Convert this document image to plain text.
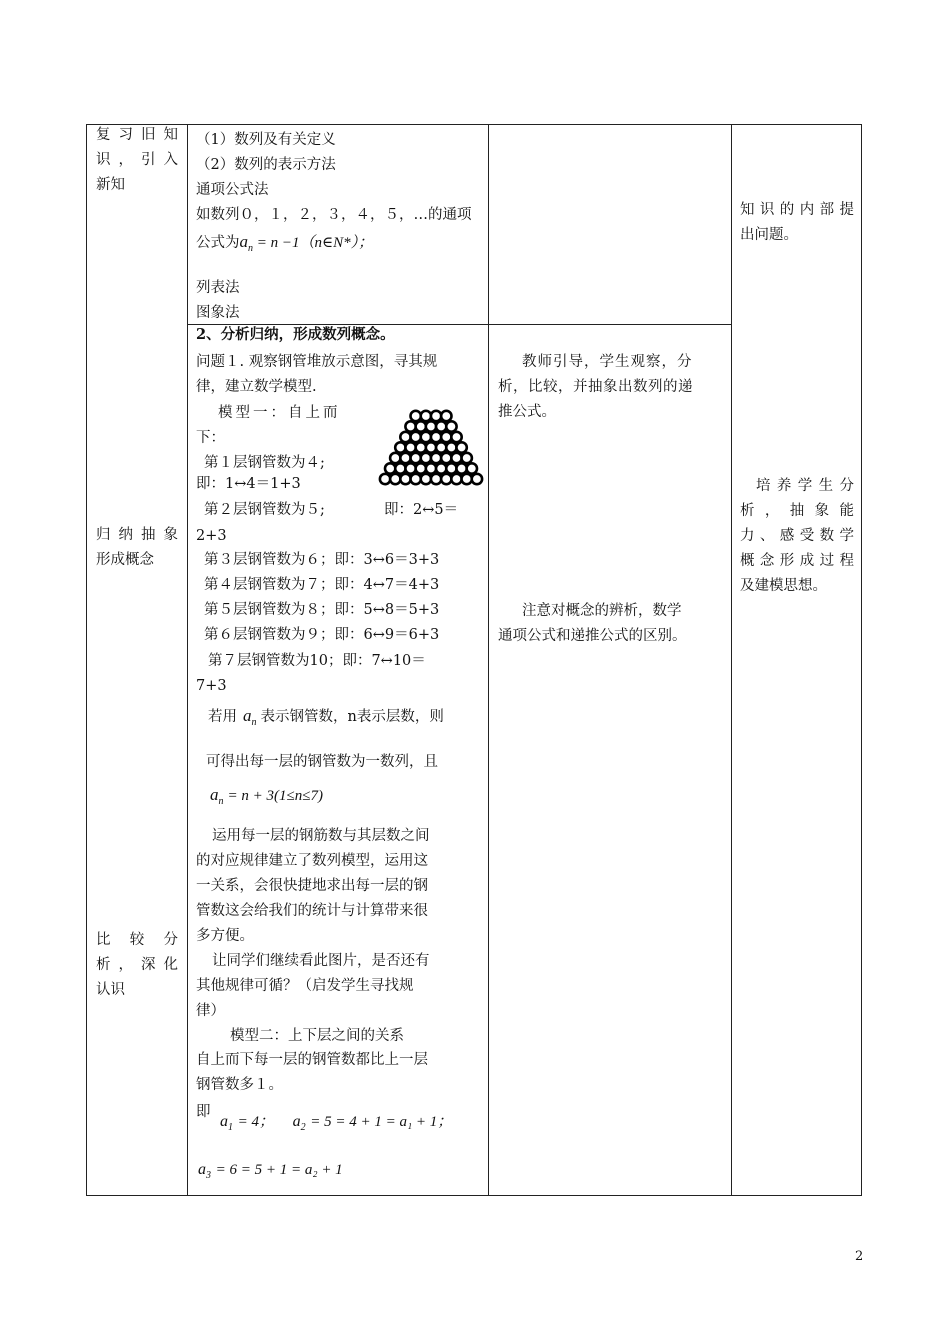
复习旧知
识，引入
新知
归纳抽象
形成概念
比较分
析，深化
认识
（1）数列及有关定义
（2）数列的表示方法
通项公式法
如数列０，１，２，３，４，５，…的通项
公式为$a_n = n$ −1（n∈N*）；
列表法
图象法
2、分析归纳，形成数列概念。
问题１. 观察钢管堆放示意图，寻其规
律，建立数学模型.
模型一：自上而
下：
第１层钢管数为４;
即：1↔4＝1+3
第２层钢管数为５;	即：2↔5＝
2+3
第３层钢管数为６；即：3↔6＝3+3
第４层钢管数为７；即：4↔7＝4+3
第５层钢管数为８；即：5↔8＝5+3
第６层钢管数为９；即：6↔9＝6+3
第７层钢管数为10；即：7↔10＝
7+3
若用 $a_n$ 表示钢管数，n表示层数，则
可得出每一层的钢管数为一数列，且
$a_n = n + 3(1\le n\le 7)$
运用每一层的钢筋数与其层数之间
的对应规律建立了数列模型，运用这
一关系，会很快捷地求出每一层的钢
管数这会给我们的统计与计算带来很
多方便。
让同学们继续看此图片，是否还有
其他规律可循？（启发学生寻找规
律）
模型二：上下层之间的关系
自上而下每一层的钢管数都比上一层
钢管数多１。
即
$a_1 = 4$； $a_2 = 5 = 4 + 1 = a_1 + 1$；
$a_3 = 6 = 5 + 1 = a_2 + 1$
教师引导，学生观察，分
析，比较，并抽象出数列的递
推公式。
注意对概念的辨析，数学
通项公式和递推公式的区别。
知识的内部提
出问题。
培养学生分
析，抽象能
力、感受数学
概念形成过程
及建模思想。
2
